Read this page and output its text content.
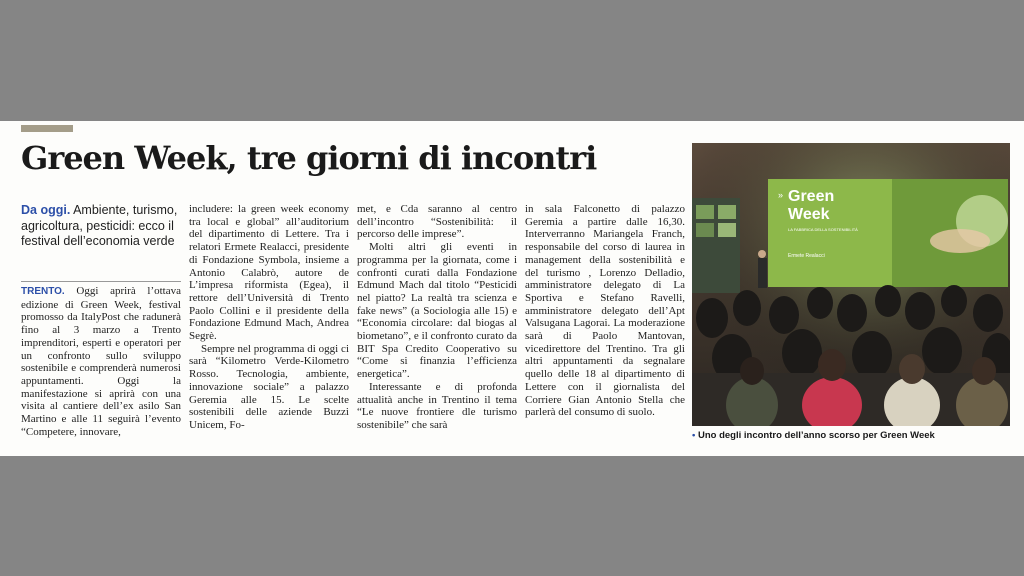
Green Week, tre giorni di incontri
Da oggi. Ambiente, turismo, agricoltura, pesticidi: ecco il festival dell’economia verde

TRENTO. Oggi aprirà l’ottava edizione di Green Week, festival promosso da ItalyPost che radunerà fino al 3 marzo a Trento imprenditori, esperti e operatori per un confronto sullo sviluppo sostenibile e comprenderà numerosi appuntamenti. Oggi la manifestazione si aprirà con una visita al cantiere dell’ex asilo San Martino e alle 11 seguirà l’evento “Competere, innovare,

includere: la green week economy tra local e global” all’auditorium del dipartimento di Lettere. Tra i relatori Ermete Realacci, presidente di Fondazione Symbola, insieme a Antonio Calabrò, autore de L’impresa riformista (Egea), il rettore dell’Università di Trento Paolo Collini e il presidente della Fondazione Edmund Mach, Andrea Segrè.

Sempre nel programma di oggi ci sarà “Kilometro Verde-Kilometro Rosso. Tecnologia, ambiente, innovazione sociale” a palazzo Geremia alle 15. Le scelte sostenibili delle aziende Buzzi Unicem, Fo-

met, e Cda saranno al centro dell’incontro “Sostenibilità: il percorso delle imprese”.

Molti altri gli eventi in programma per la giornata, come i confronti curati dalla Fondazione Edmund Mach dal titolo “Pesticidi nel piatto? La realtà tra scienza e fake news” (a Sociologia alle 15) e “Economia circolare: dal biogas al biometano”, e il confronto curato da BIT Spa Credito Cooperativo su “Come si finanzia l’efficienza energetica”.

Interessante e di profonda attualità anche in Trentino il tema “Le nuove frontiere dle turismo sostenibile” che sarà

in sala Falconetto di palazzo Geremia a partire dalle 16,30. Interverranno Mariangela Franch, responsabile del corso di laurea in management della sostenibilità e del turismo , Lorenzo Delladio, amministratore delegato di La Sportiva e Stefano Ravelli, amministratore delegato dell’Apt Valsugana Lagorai. La moderazione sarà di Paolo Mantovan, vicedirettore del Trentino. Tra gli altri appuntamenti da segnalare quello delle 18 al dipartimento di Lettere con il giornalista del Corriere Gian Antonio Stella che parlerà del consumo di suolo.

» Green
Week
LA FABBRICA DELLA SOSTENIBILITÀ
Ermete Realacci
• Uno degli incontro dell’anno scorso per Green Week
